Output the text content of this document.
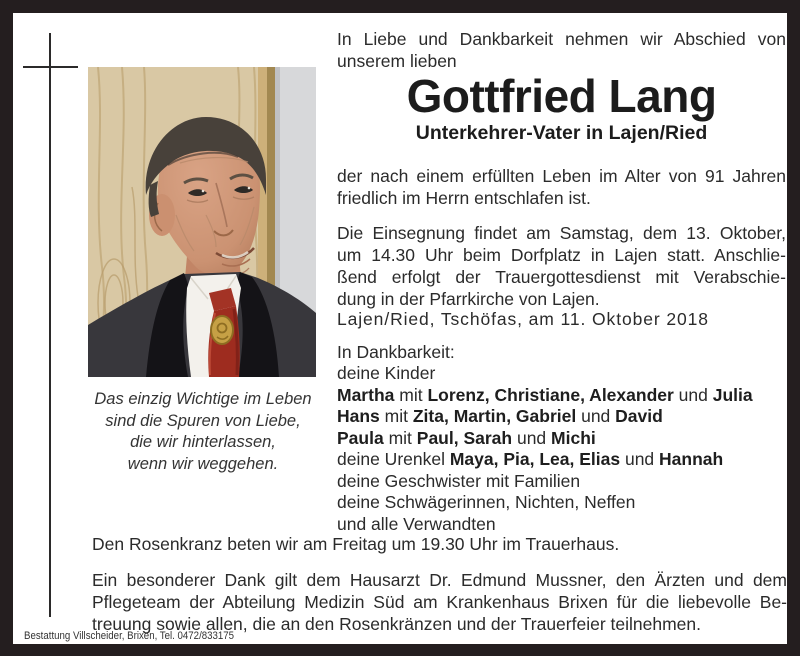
Das einzig Wichtige im Leben
sind die Spuren von Liebe,
die wir hinterlassen,
wenn wir weggehen.
In Liebe und Dankbarkeit nehmen wir Abschied von
unserem lieben
Gottfried Lang
Unterkehrer-Vater in Lajen/Ried
der nach einem erfüllten Leben im Alter von 91 Jahren
friedlich im Herrn entschlafen ist.
Die Einsegnung findet am Samstag, dem 13. Oktober,
um 14.30 Uhr beim Dorfplatz in Lajen statt. Anschlie-
ßend erfolgt der Trauergottesdienst mit Verabschie-
dung in der Pfarrkirche von Lajen.
Lajen/Ried, Tschöfas, am 11. Oktober 2018
In Dankbarkeit:
deine Kinder
Martha mit Lorenz, Christiane, Alexander und Julia
Hans mit Zita, Martin, Gabriel und David
Paula mit Paul, Sarah und Michi
deine Urenkel Maya, Pia, Lea, Elias und Hannah
deine Geschwister mit Familien
deine Schwägerinnen, Nichten, Neffen
und alle Verwandten
Den Rosenkranz beten wir am Freitag um 19.30 Uhr im Trauerhaus.
Ein besonderer Dank gilt dem Hausarzt Dr. Edmund Mussner, den Ärzten und dem
Pflegeteam der Abteilung Medizin Süd am Krankenhaus Brixen für die liebevolle Be-
treuung sowie allen, die an den Rosenkränzen und der Trauerfeier teilnehmen.
Bestattung Villscheider, Brixen, Tel. 0472/833175
